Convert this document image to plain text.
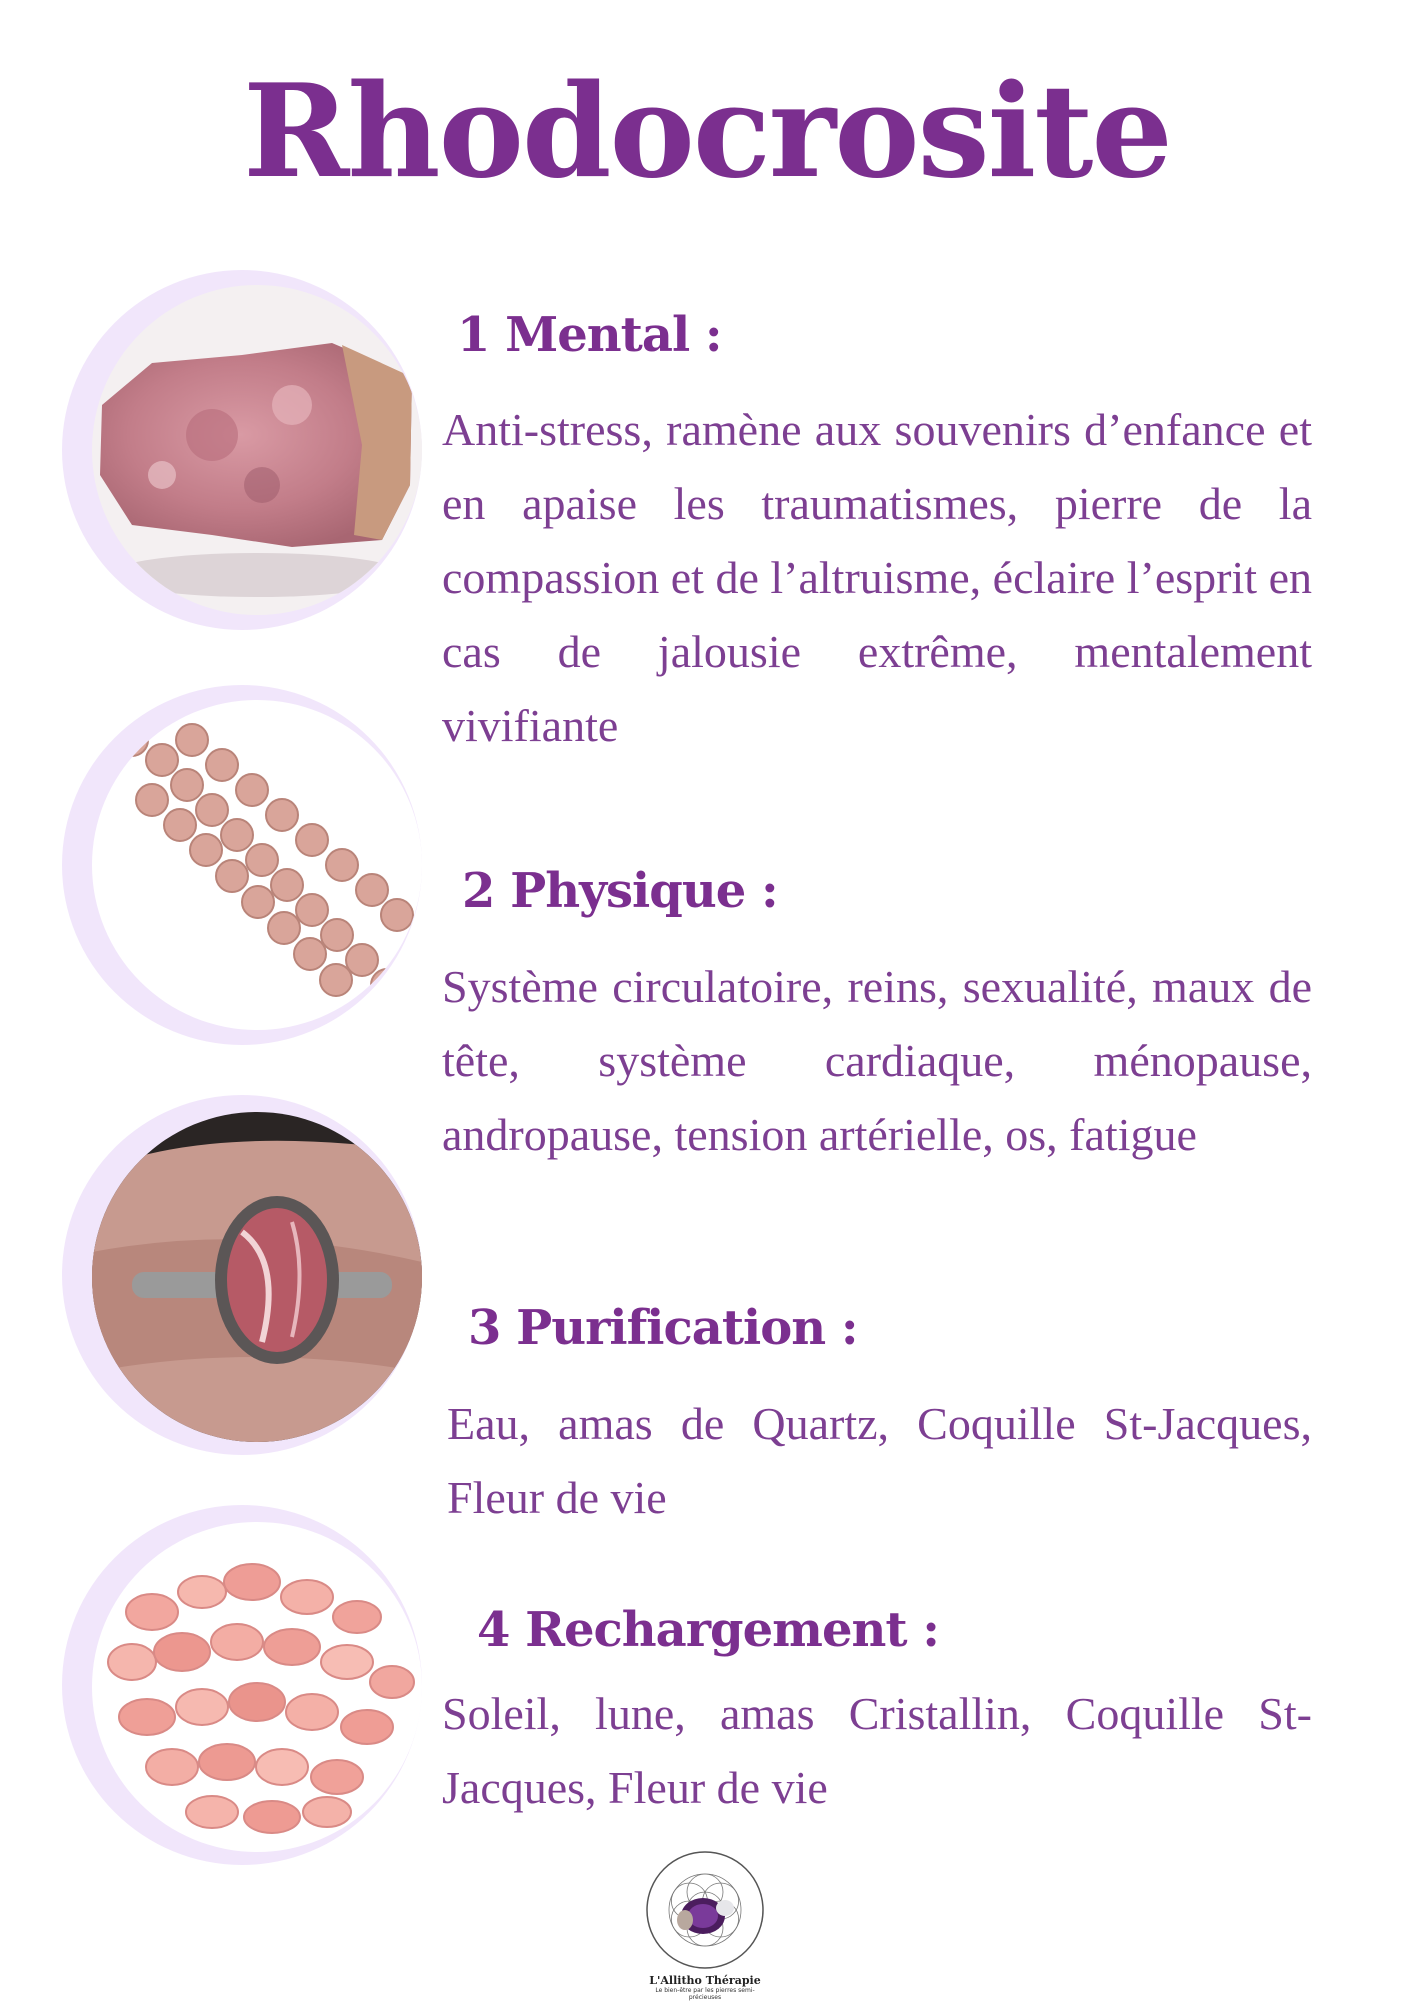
Rhodocrosite
1 Mental :
Anti-stress, ramène aux souvenirs d’enfance et en apaise les traumatismes, pierre de la compassion et de l’altruisme, éclaire l’esprit en cas de jalousie extrême, mentalement vivifiante
2 Physique :
Système circulatoire, reins, sexualité, maux de tête, système cardiaque, ménopause, andropause, tension artérielle, os, fatigue
3 Purification :
Eau, amas de Quartz, Coquille St-Jacques, Fleur de vie
4 Rechargement :
Soleil, lune, amas Cristallin, Coquille St-Jacques, Fleur de vie
L'Allitho Thérapie
Le bien-être par les pierres semi-précieuses
